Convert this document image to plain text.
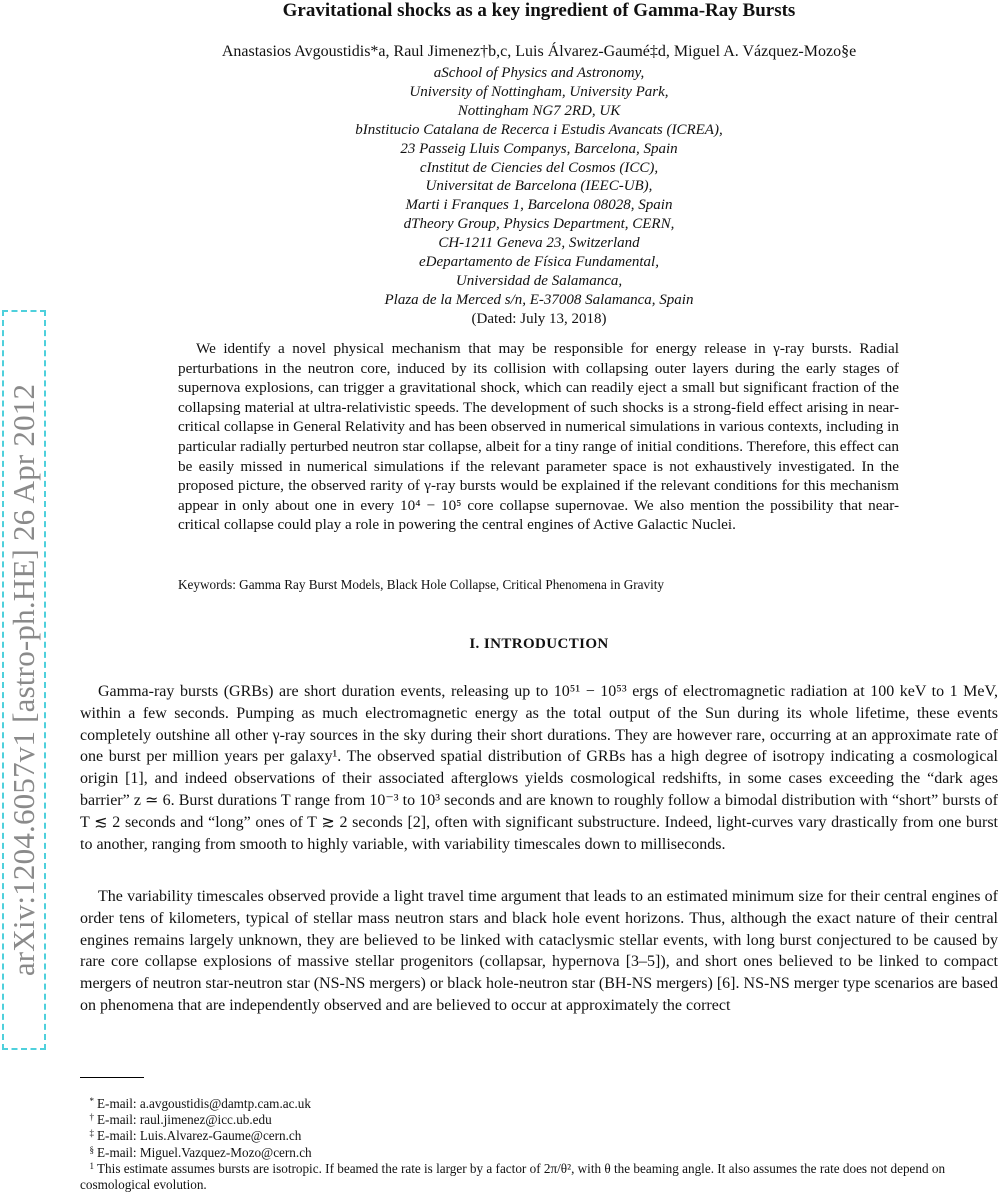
arXiv:1204.6057v1 [astro-ph.HE] 26 Apr 2012
Gravitational shocks as a key ingredient of Gamma-Ray Bursts
Anastasios Avgoustidis*a, Raul Jimenez†b,c, Luis Álvarez-Gaumé‡d, Miguel A. Vázquez-Mozo§e
aSchool of Physics and Astronomy,
University of Nottingham, University Park,
Nottingham NG7 2RD, UK
bInstitucio Catalana de Recerca i Estudis Avancats (ICREA),
23 Passeig Lluis Companys, Barcelona, Spain
cInstitut de Ciencies del Cosmos (ICC),
Universitat de Barcelona (IEEC-UB),
Marti i Franques 1, Barcelona 08028, Spain
dTheory Group, Physics Department, CERN,
CH-1211 Geneva 23, Switzerland
eDepartamento de Física Fundamental,
Universidad de Salamanca,
Plaza de la Merced s/n, E-37008 Salamanca, Spain
(Dated: July 13, 2018)

We identify a novel physical mechanism that may be responsible for energy release in γ-ray bursts. Radial perturbations in the neutron core, induced by its collision with collapsing outer layers during the early stages of supernova explosions, can trigger a gravitational shock, which can readily eject a small but significant fraction of the collapsing material at ultra-relativistic speeds. The development of such shocks is a strong-field effect arising in near-critical collapse in General Relativity and has been observed in numerical simulations in various contexts, including in particular radially perturbed neutron star collapse, albeit for a tiny range of initial conditions. Therefore, this effect can be easily missed in numerical simulations if the relevant parameter space is not exhaustively investigated. In the proposed picture, the observed rarity of γ-ray bursts would be explained if the relevant conditions for this mechanism appear in only about one in every 10⁴ − 10⁵ core collapse supernovae. We also mention the possibility that near-critical collapse could play a role in powering the central engines of Active Galactic Nuclei.

Keywords: Gamma Ray Burst Models, Black Hole Collapse, Critical Phenomena in Gravity
I. INTRODUCTION

Gamma-ray bursts (GRBs) are short duration events, releasing up to 10⁵¹ − 10⁵³ ergs of electromagnetic radiation at 100 keV to 1 MeV, within a few seconds. Pumping as much electromagnetic energy as the total output of the Sun during its whole lifetime, these events completely outshine all other γ-ray sources in the sky during their short durations. They are however rare, occurring at an approximate rate of one burst per million years per galaxy¹. The observed spatial distribution of GRBs has a high degree of isotropy indicating a cosmological origin [1], and indeed observations of their associated afterglows yields cosmological redshifts, in some cases exceeding the “dark ages barrier” z ≃ 6. Burst durations T range from 10⁻³ to 10³ seconds and are known to roughly follow a bimodal distribution with “short” bursts of T ≲ 2 seconds and “long” ones of T ≳ 2 seconds [2], often with significant substructure. Indeed, light-curves vary drastically from one burst to another, ranging from smooth to highly variable, with variability timescales down to milliseconds.

The variability timescales observed provide a light travel time argument that leads to an estimated minimum size for their central engines of order tens of kilometers, typical of stellar mass neutron stars and black hole event horizons. Thus, although the exact nature of their central engines remains largely unknown, they are believed to be linked with cataclysmic stellar events, with long burst conjectured to be caused by rare core collapse explosions of massive stellar progenitors (collapsar, hypernova [3–5]), and short ones believed to be linked to compact mergers of neutron star-neutron star (NS-NS mergers) or black hole-neutron star (BH-NS mergers) [6]. NS-NS merger type scenarios are based on phenomena that are independently observed and are believed to occur at approximately the correct

* E-mail: a.avgoustidis@damtp.cam.ac.uk

† E-mail: raul.jimenez@icc.ub.edu

‡ E-mail: Luis.Alvarez-Gaume@cern.ch

§ E-mail: Miguel.Vazquez-Mozo@cern.ch

1 This estimate assumes bursts are isotropic. If beamed the rate is larger by a factor of 2π/θ², with θ the beaming angle. It also assumes the rate does not depend on cosmological evolution.
